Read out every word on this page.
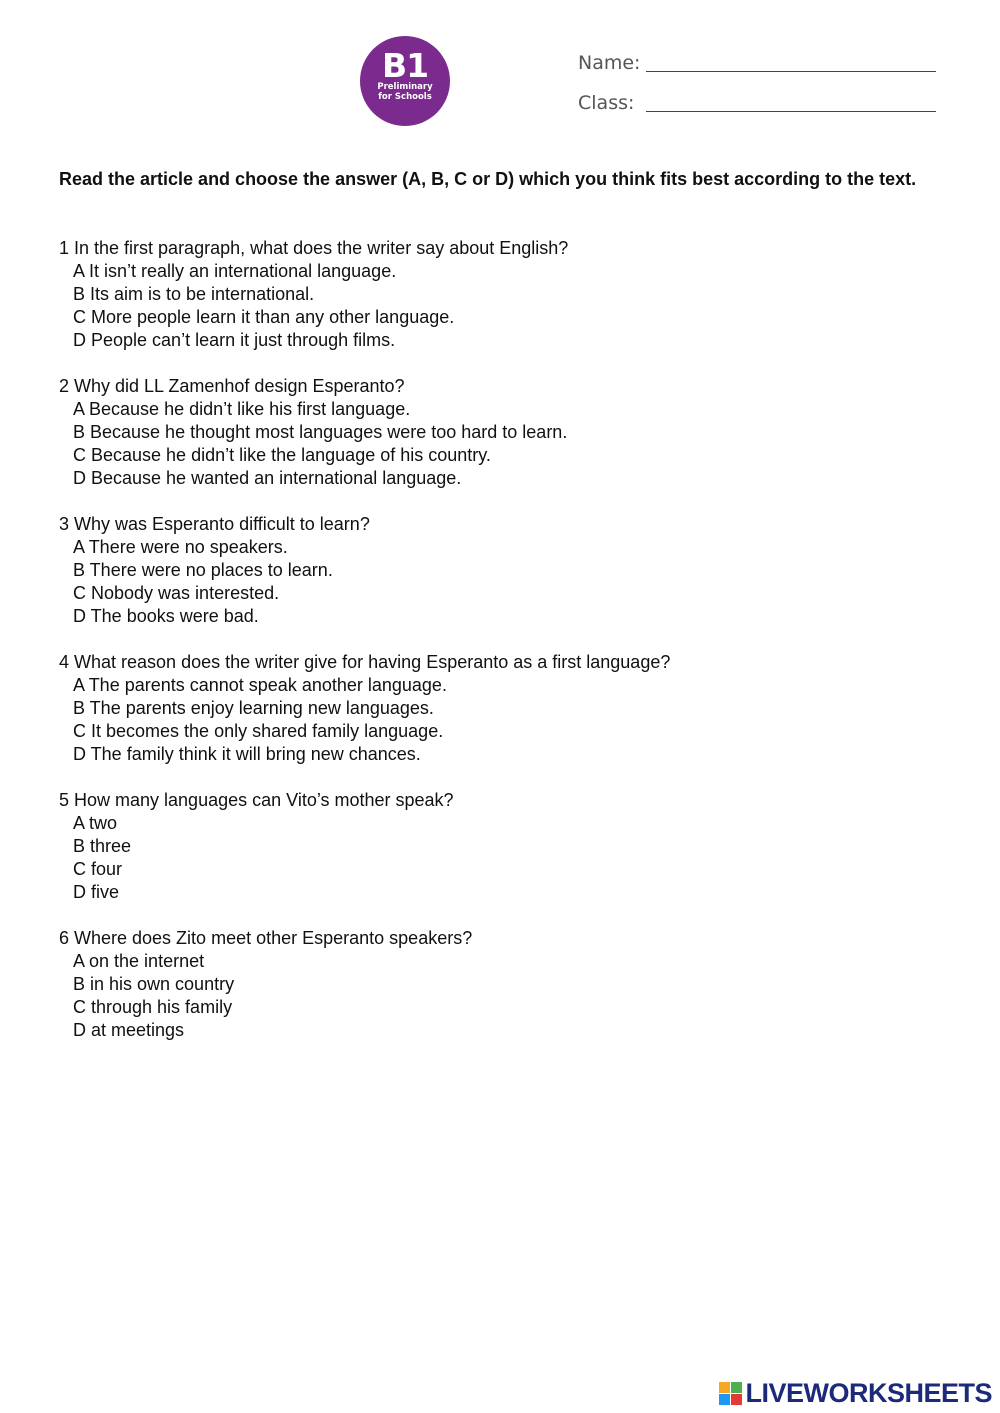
B1
Preliminary
for Schools
Name:
Class:

Read the article and choose the answer (A, B, C or D) which you think fits best according to the text.

1 In the first paragraph, what does the writer say about English?
A It isn’t really an international language.
B Its aim is to be international.
C More people learn it than any other language.
D People can’t learn it just through films.
2 Why did LL Zamenhof design Esperanto?
A Because he didn’t like his first language.
B Because he thought most languages were too hard to learn.
C Because he didn’t like the language of his country.
D Because he wanted an international language.
3 Why was Esperanto difficult to learn?
A There were no speakers.
B There were no places to learn.
C Nobody was interested.
D The books were bad.
4 What reason does the writer give for having Esperanto as a first language?
A The parents cannot speak another language.
B The parents enjoy learning new languages.
C It becomes the only shared family language.
D The family think it will bring new chances.
5 How many languages can Vito’s mother speak?
A two
B three
C four
D five
6 Where does Zito meet other Esperanto speakers?
A on the internet
B in his own country
C through his family
D at meetings
LIVEWORKSHEETS
